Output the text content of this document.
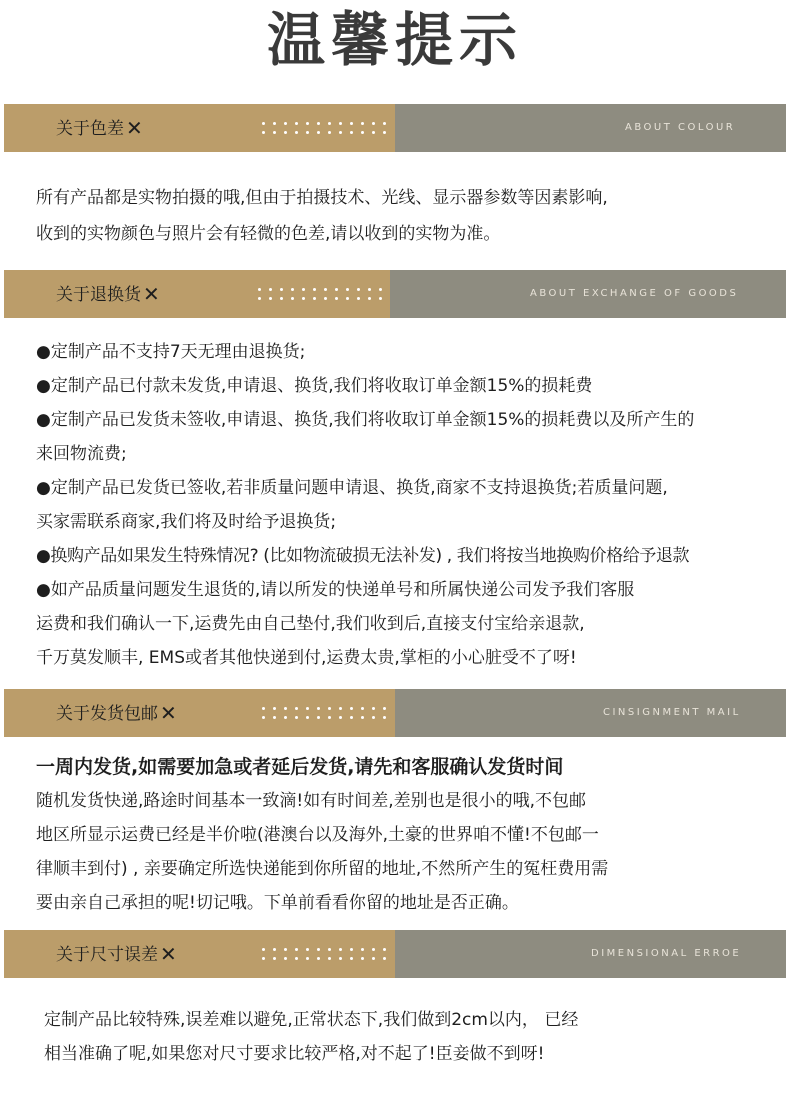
温馨提示
关于色差 ✕	ABOUT COLOUR
所有产品都是实物拍摄的哦,但由于拍摄技术、光线、显示器参数等因素影响,
收到的实物颜色与照片会有轻微的色差,请以收到的实物为准。
关于退换货 ✕	ABOUT EXCHANGE OF GOODS
●定制产品不支持7天无理由退换货;
●定制产品已付款未发货,申请退、换货,我们将收取订单金额15%的损耗费
●定制产品已发货未签收,申请退、换货,我们将收取订单金额15%的损耗费以及所产生的
来回物流费;
●定制产品已发货已签收,若非质量问题申请退、换货,商家不支持退换货;若质量问题,
买家需联系商家,我们将及时给予退换货;
●换购产品如果发生特殊情况? (比如物流破损无法补发) , 我们将按当地换购价格给予退款
●如产品质量问题发生退货的,请以所发的快递单号和所属快递公司发予我们客服
运费和我们确认一下,运费先由自己垫付,我们收到后,直接支付宝给亲退款,
千万莫发顺丰, EMS或者其他快递到付,运费太贵,掌柜的小心脏受不了呀!
关于发货包邮 ✕	CINSIGNMENT MAIL
一周内发货,如需要加急或者延后发货,请先和客服确认发货时间
随机发货快递,路途时间基本一致滴!如有时间差,差别也是很小的哦,不包邮
地区所显示运费已经是半价啦(港澳台以及海外,土豪的世界咱不懂!不包邮一
律顺丰到付) , 亲要确定所选快递能到你所留的地址,不然所产生的冤枉费用需
要由亲自己承担的呢!切记哦。下单前看看你留的地址是否正确。
关于尺寸误差 ✕	DIMENSIONAL ERROE
定制产品比较特殊,误差难以避免,正常状态下,我们做到2cm以内， 已经
相当准确了呢,如果您对尺寸要求比较严格,对不起了!臣妾做不到呀!
